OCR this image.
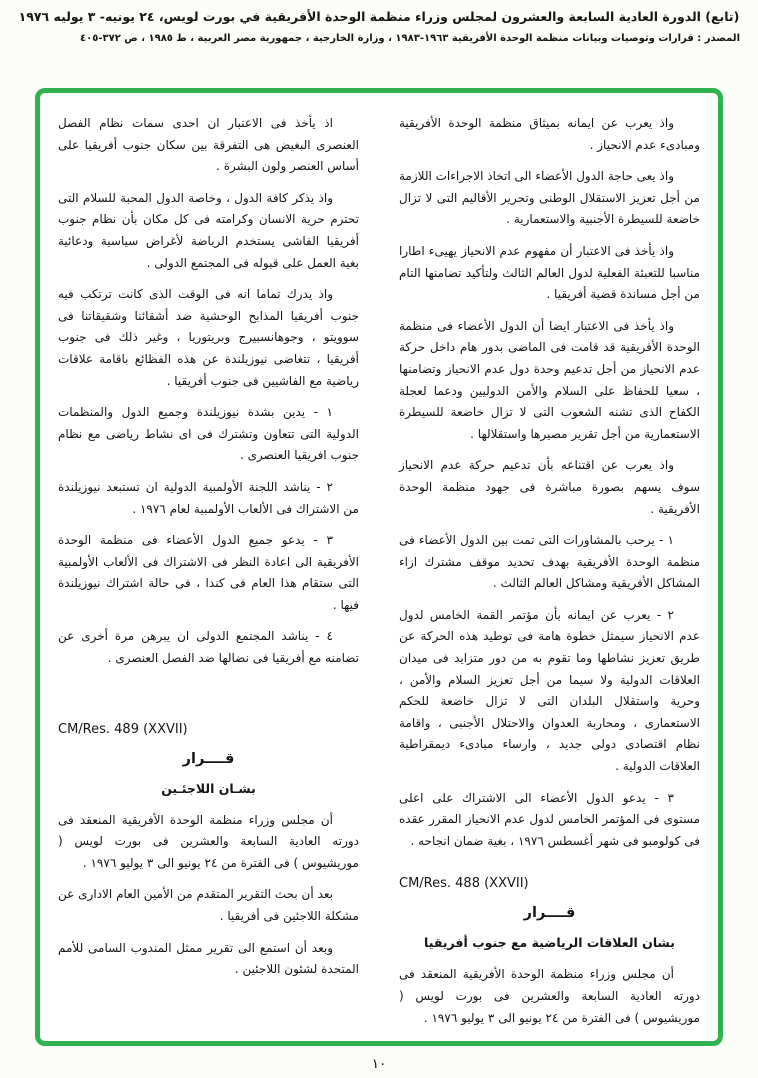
(تابع) الدورة العادية السابعة والعشرون لمجلس وزراء منظمة الوحدة الأفريقية في بورت لويس، ٢٤ يونيه- ٣ يوليه ١٩٧٦
المصدر : قرارات وتوصيات وبيانات منظمة الوحدة الأفريقية ١٩٦٣-١٩٨٣ ، وزارة الخارجية ، جمهورية مصر العربية ، ط ١٩٨٥ ، ص ٣٧٢-٤٠٥

واذ يعرب عن ايمانه بميثاق منظمة الوحدة الأفريقية ومبادىء عدم الانحياز .

واذ يعى حاجة الدول الأعضاء الى اتخاذ الاجراءات اللازمة من أجل تعزيز الاستقلال الوطنى وتحرير الأقاليم التى لا تزال خاضعة للسيطرة الأجنبية والاستعمارية .

واذ يأخذ فى الاعتبار أن مفهوم عدم الانحياز يهيىء اطارا مناسبا للتعبئة الفعلية لدول العالم الثالث ولتأكيد تضامنها التام من أجل مساندة قضية أفريقيا .

واذ يأخذ فى الاعتبار ايضا أن الدول الأعضاء فى منظمة الوحدة الأفريقية قد قامت فى الماضى بدور هام داخل حركة عدم الانحياز من أجل تدعيم وحدة دول عدم الانحياز وتضامنها ، سعيا للحفاظ على السلام والأمن الدوليين ودعما لعجلة الكفاح الذى تشنه الشعوب التى لا تزال خاضعة للسيطرة الاستعمارية من أجل تقرير مصيرها واستقلالها .

واذ يعرب عن اقتناعه بأن تدعيم حركة عدم الانحياز سوف يسهم بصورة مباشرة فى جهود منظمة الوحدة الأفريقية .

١ - يرحب بالمشاورات التى تمت بين الدول الأعضاء فى منظمة الوحدة الأفريقية بهدف تحديد موقف مشترك ازاء المشاكل الأفريقية ومشاكل العالم الثالث .

٢ - يعرب عن ايمانه بأن مؤتمر القمة الخامس لدول عدم الانحياز سيمثل خطوة هامة فى توطيد هذه الحركة عن طريق تعزيز نشاطها وما تقوم به من دور متزايد فى ميدان العلاقات الدولية ولا سيما من أجل تعزيز السلام والأمن ، وحرية واستقلال البلدان التى لا تزال خاضعة للحكم الاستعمارى ، ومحاربة العدوان والاحتلال الأجنبى ، واقامة نظام اقتصادى دولى جديد ، وارساء مبادىء ديمقراطية العلاقات الدولية .

٣ - يدعو الدول الأعضاء الى الاشتراك على اعلى مستوى فى المؤتمر الخامس لدول عدم الانحياز المقرر عقده فى كولومبو فى شهر أغسطس ١٩٧٦ ، بغية ضمان انجاحه .

CM/Res. 488 (XXVII)
قــــرار
بشان العلاقات الرياضية مع جنوب أفريقيا

أن مجلس وزراء منظمة الوحدة الأفريقية المنعقد فى دورته العادية السابعة والعشرين فى بورت لويس ( موريشيوس ) فى الفترة من ٢٤ يونيو الى ٣ يوليو ١٩٧٦ .

اذ يأخذ فى الاعتبار ان احدى سمات نظام الفصل العنصرى البغيض هى التفرقة بين سكان جنوب أفريقيا على أساس العنصر ولون البشرة .

واذ يذكر كافة الدول ، وخاصة الدول المحبة للسلام التى تحترم حرية الانسان وكرامته فى كل مكان بأن نظام جنوب أفريقيا الفاشى يستخدم الرياضة لأغراض سياسية ودعائية بغية العمل على قبوله فى المجتمع الدولى .

واذ يدرك تماما انه فى الوقت الذى كانت ترتكب فيه جنوب أفريقيا المذابح الوحشية ضد أشقائنا وشقيقاتنا فى سوويتو ، وجوهانسبيرج وبريتوريا ، وغير ذلك فى جنوب أفريقيا ، تتغاضى نيوزيلندة عن هذه الفظائع باقامة علاقات رياضية مع الفاشيين فى جنوب أفريقيا .

١ - يدين بشدة نيوزيلندة وجميع الدول والمنظمات الدولية التى تتعاون وتشترك فى اى نشاط رياضى مع نظام جنوب افريقيا العنصرى .

٢ - يناشد اللجنة الأولمبية الدولية ان تستبعد نيوزيلندة من الاشتراك فى الألعاب الأولمبية لعام ١٩٧٦ .

٣ - يدعو جميع الدول الأعضاء فى منظمة الوحدة الأفريقية الى اعادة النظر فى الاشتراك فى الألعاب الأولمبية التى ستقام هذا العام فى كندا ، فى حالة اشتراك نيوزيلندة فيها .

٤ - يناشد المجتمع الدولى ان يبرهن مرة أخرى عن تضامنه مع أفريقيا فى نضالها ضد الفصل العنصرى .

CM/Res. 489 (XXVII)
قــــرار
بشـان اللاجئـين

أن مجلس وزراء منظمة الوحدة الأفريقية المنعقد فى دورته العادية السابعة والعشرين فى بورت لويس ( موريشيوس ) فى الفترة من ٢٤ يونيو الى ٣ يوليو ١٩٧٦ .

بعد أن بحث التقرير المتقدم من الأمين العام الادارى عن مشكلة اللاجئين فى أفريقيا .

وبعد أن استمع الى تقرير ممثل المندوب السامى للأمم المتحدة لشئون اللاجئين .

١٠
